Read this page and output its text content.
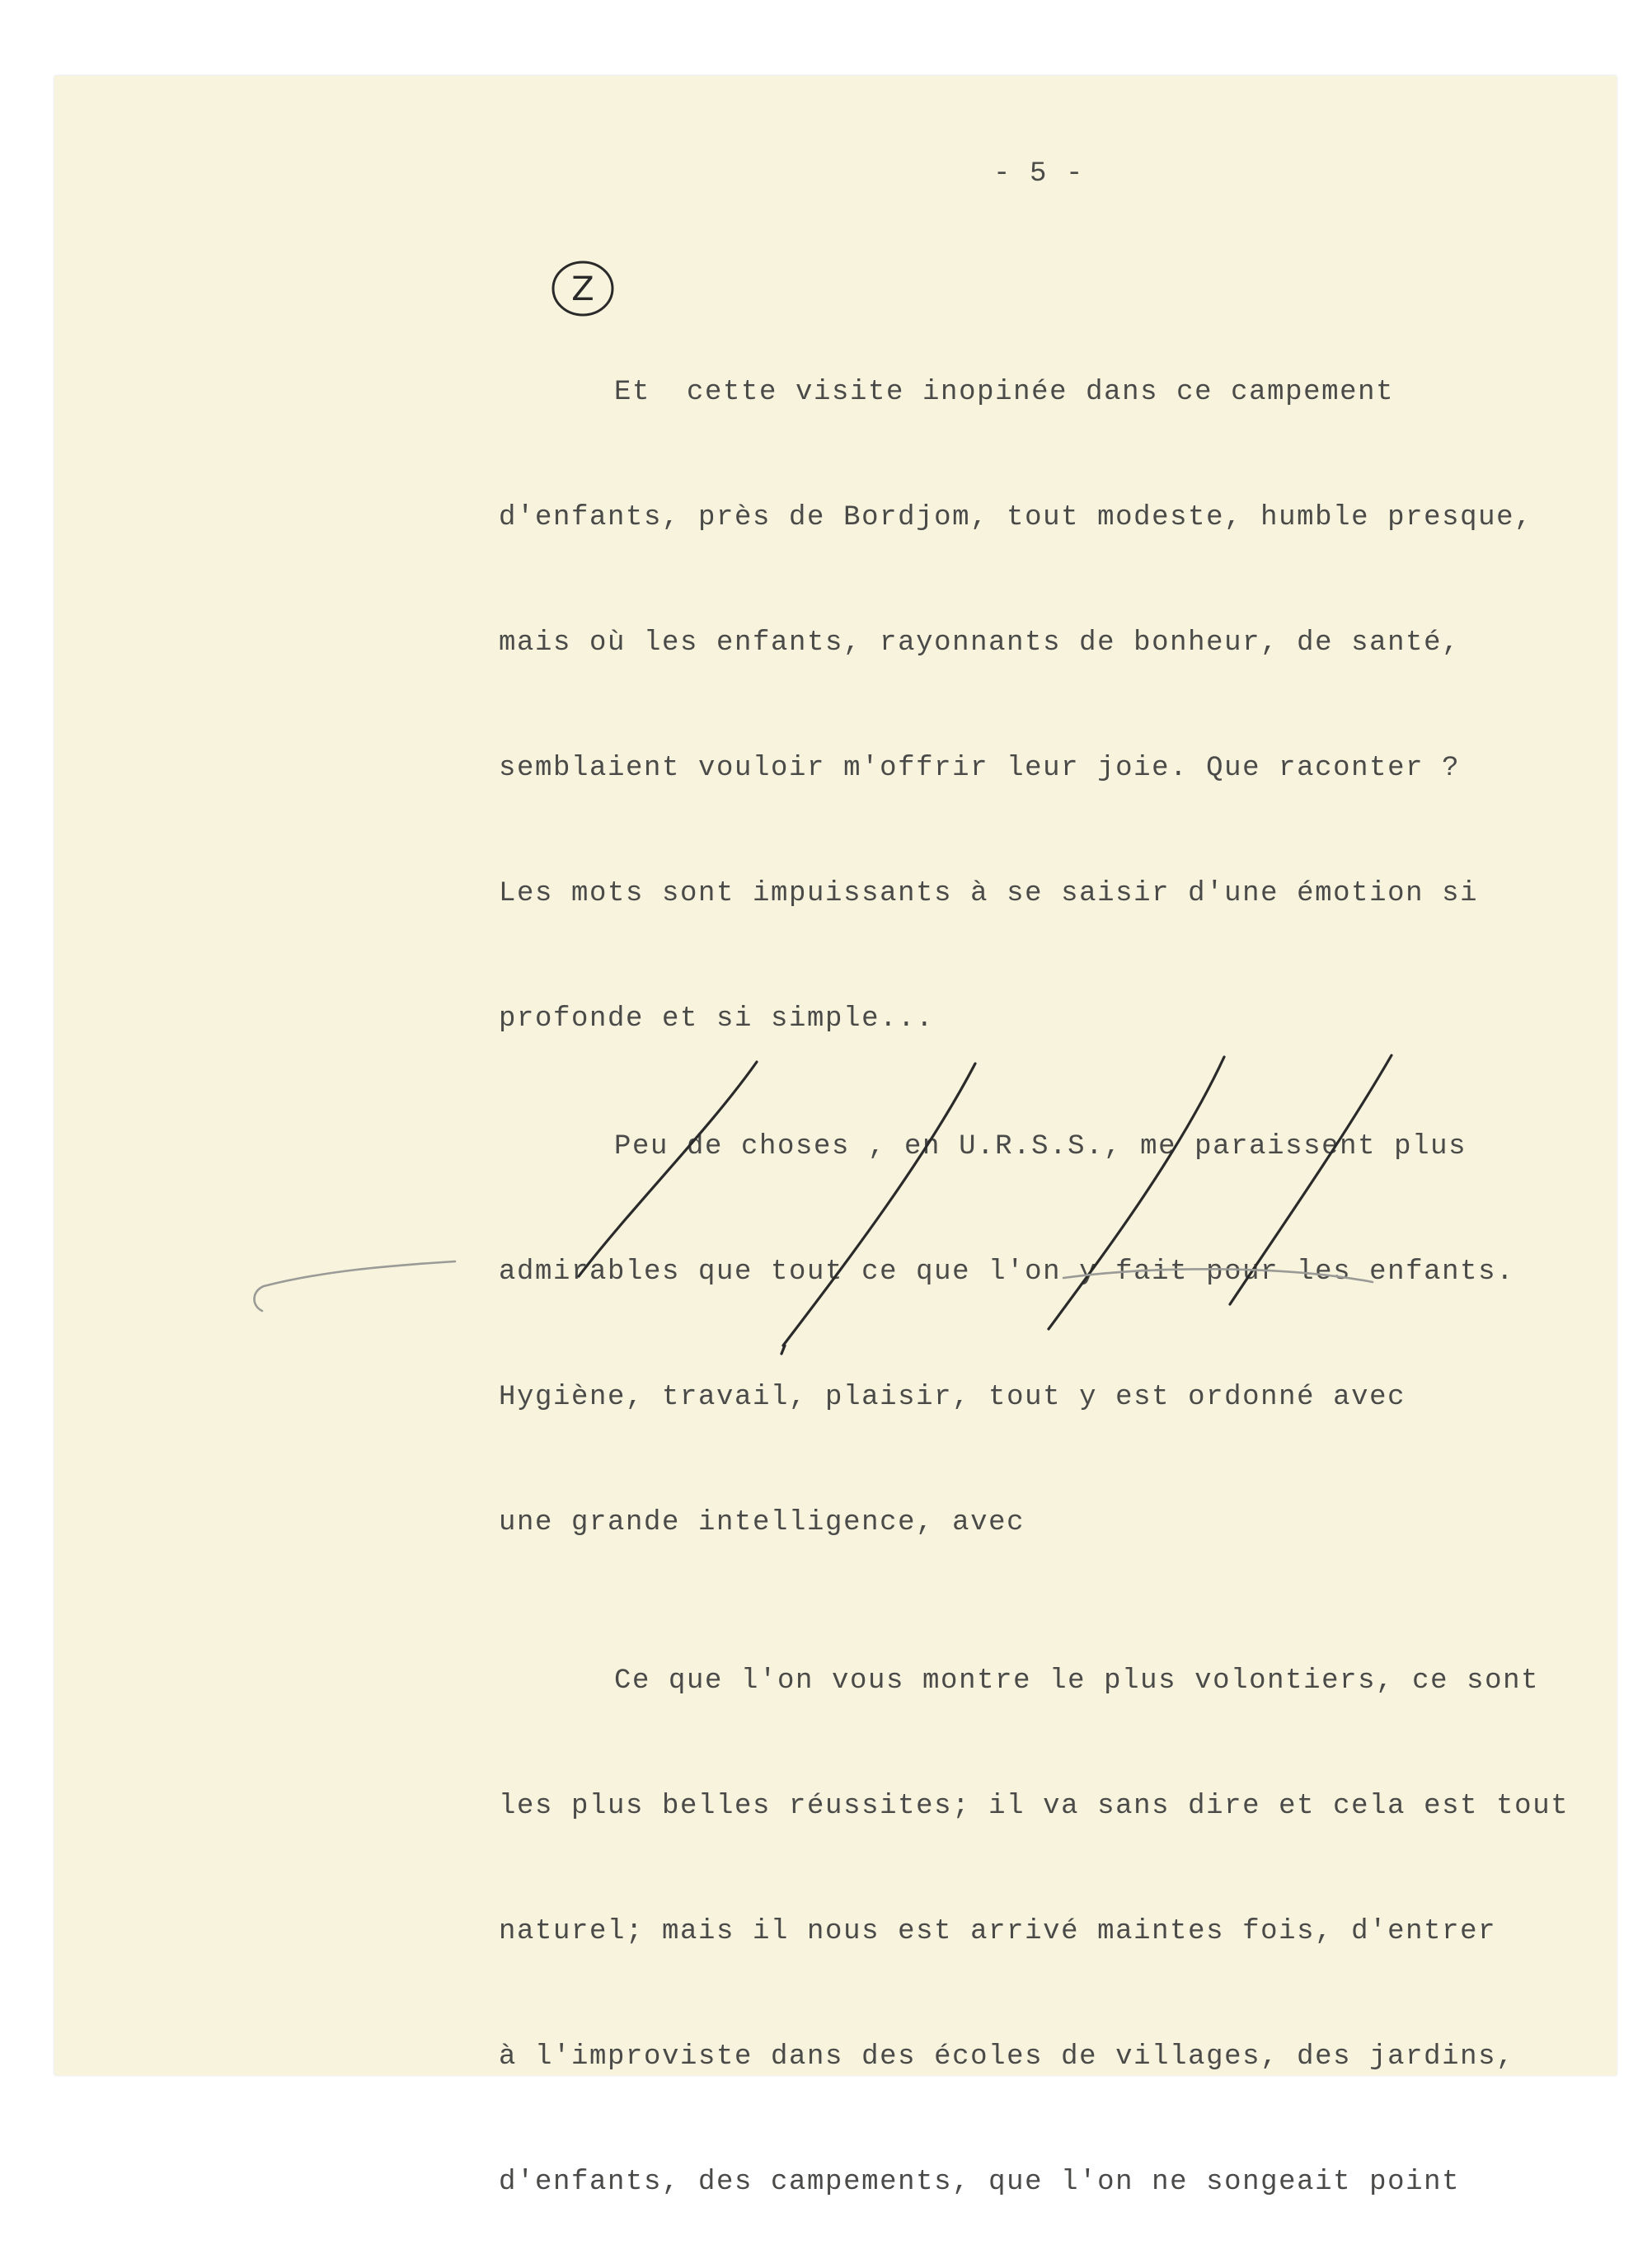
- 5 -

Et  cette visite inopinée dans ce campement

d'enfants, près de Bordjom, tout modeste, humble presque,

mais où les enfants, rayonnants de bonheur, de santé,

semblaient vouloir m'offrir leur joie. Que raconter ?

Les mots sont impuissants à se saisir d'une émotion si

profonde et si simple...

Peu de choses , en U.R.S.S., me paraissent plus

admirables que tout ce que l'on y fait pour les enfants.

Hygiène, travail, plaisir, tout y est ordonné avec

une grande intelligence, avec

Ce que l'on vous montre le plus volontiers, ce sont

les plus belles réussites; il va sans dire et cela est tout

naturel; mais il nous est arrivé maintes fois, d'entrer

à l'improviste dans des écoles de villages, des jardins,

d'enfants, des campements, que l'on ne songeait point

Z
